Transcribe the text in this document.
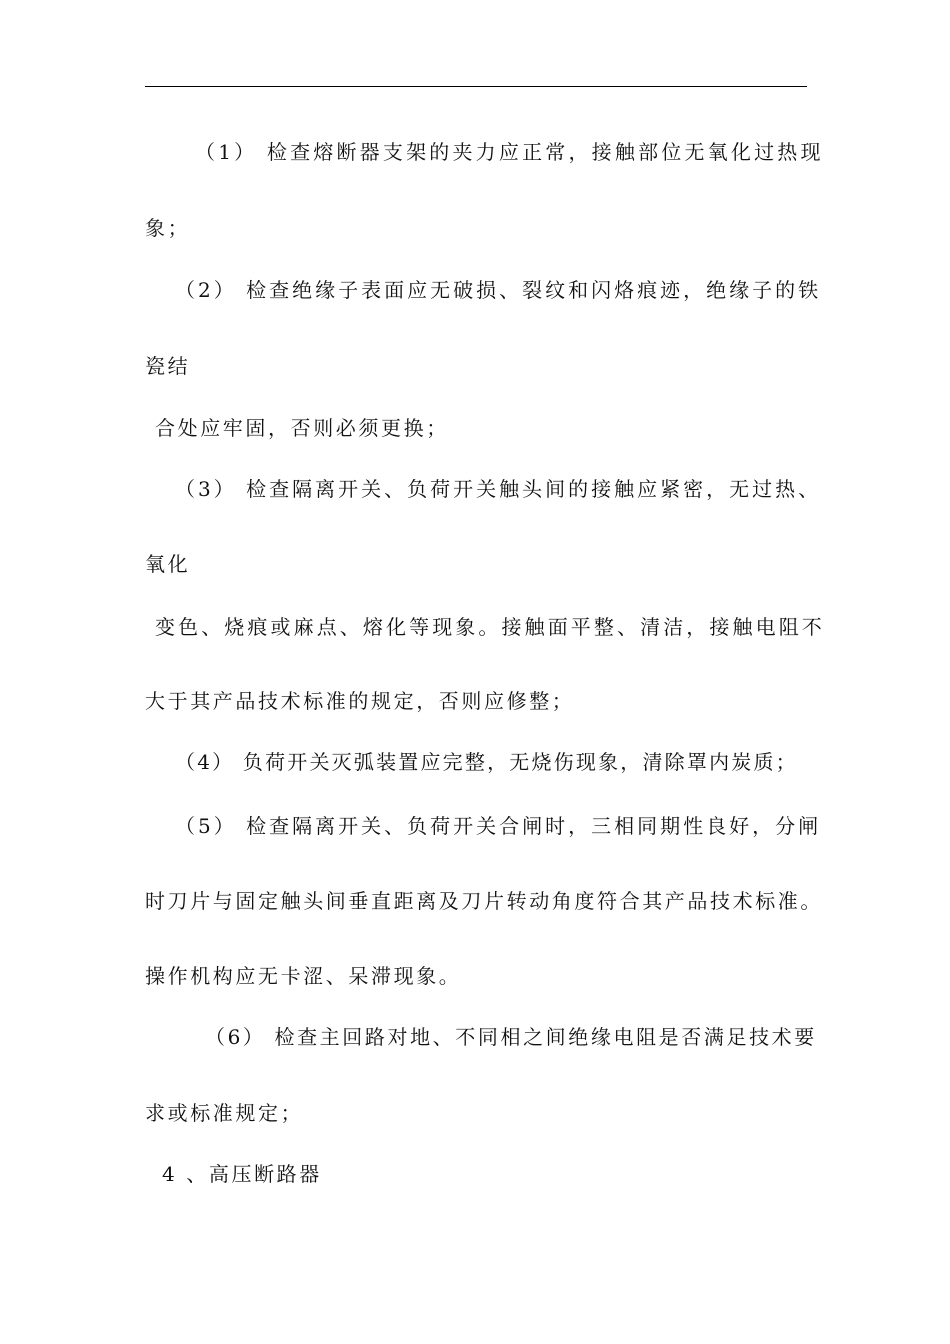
（1） 检查熔断器支架的夹力应正常，接触部位无氧化过热现
象；
（2） 检查绝缘子表面应无破损、裂纹和闪烙痕迹，绝缘子的铁
瓷结
合处应牢固，否则必须更换；
（3） 检查隔离开关、负荷开关触头间的接触应紧密，无过热、
氧化
变色、烧痕或麻点、熔化等现象。接触面平整、清洁，接触电阻不
大于其产品技术标准的规定，否则应修整；
（4） 负荷开关灭弧装置应完整，无烧伤现象，清除罩内炭质；
（5） 检查隔离开关、负荷开关合闸时，三相同期性良好，分闸
时刀片与固定触头间垂直距离及刀片转动角度符合其产品技术标准。
操作机构应无卡涩、呆滞现象。
（6） 检查主回路对地、不同相之间绝缘电阻是否满足技术要
求或标准规定；
4 、高压断路器
